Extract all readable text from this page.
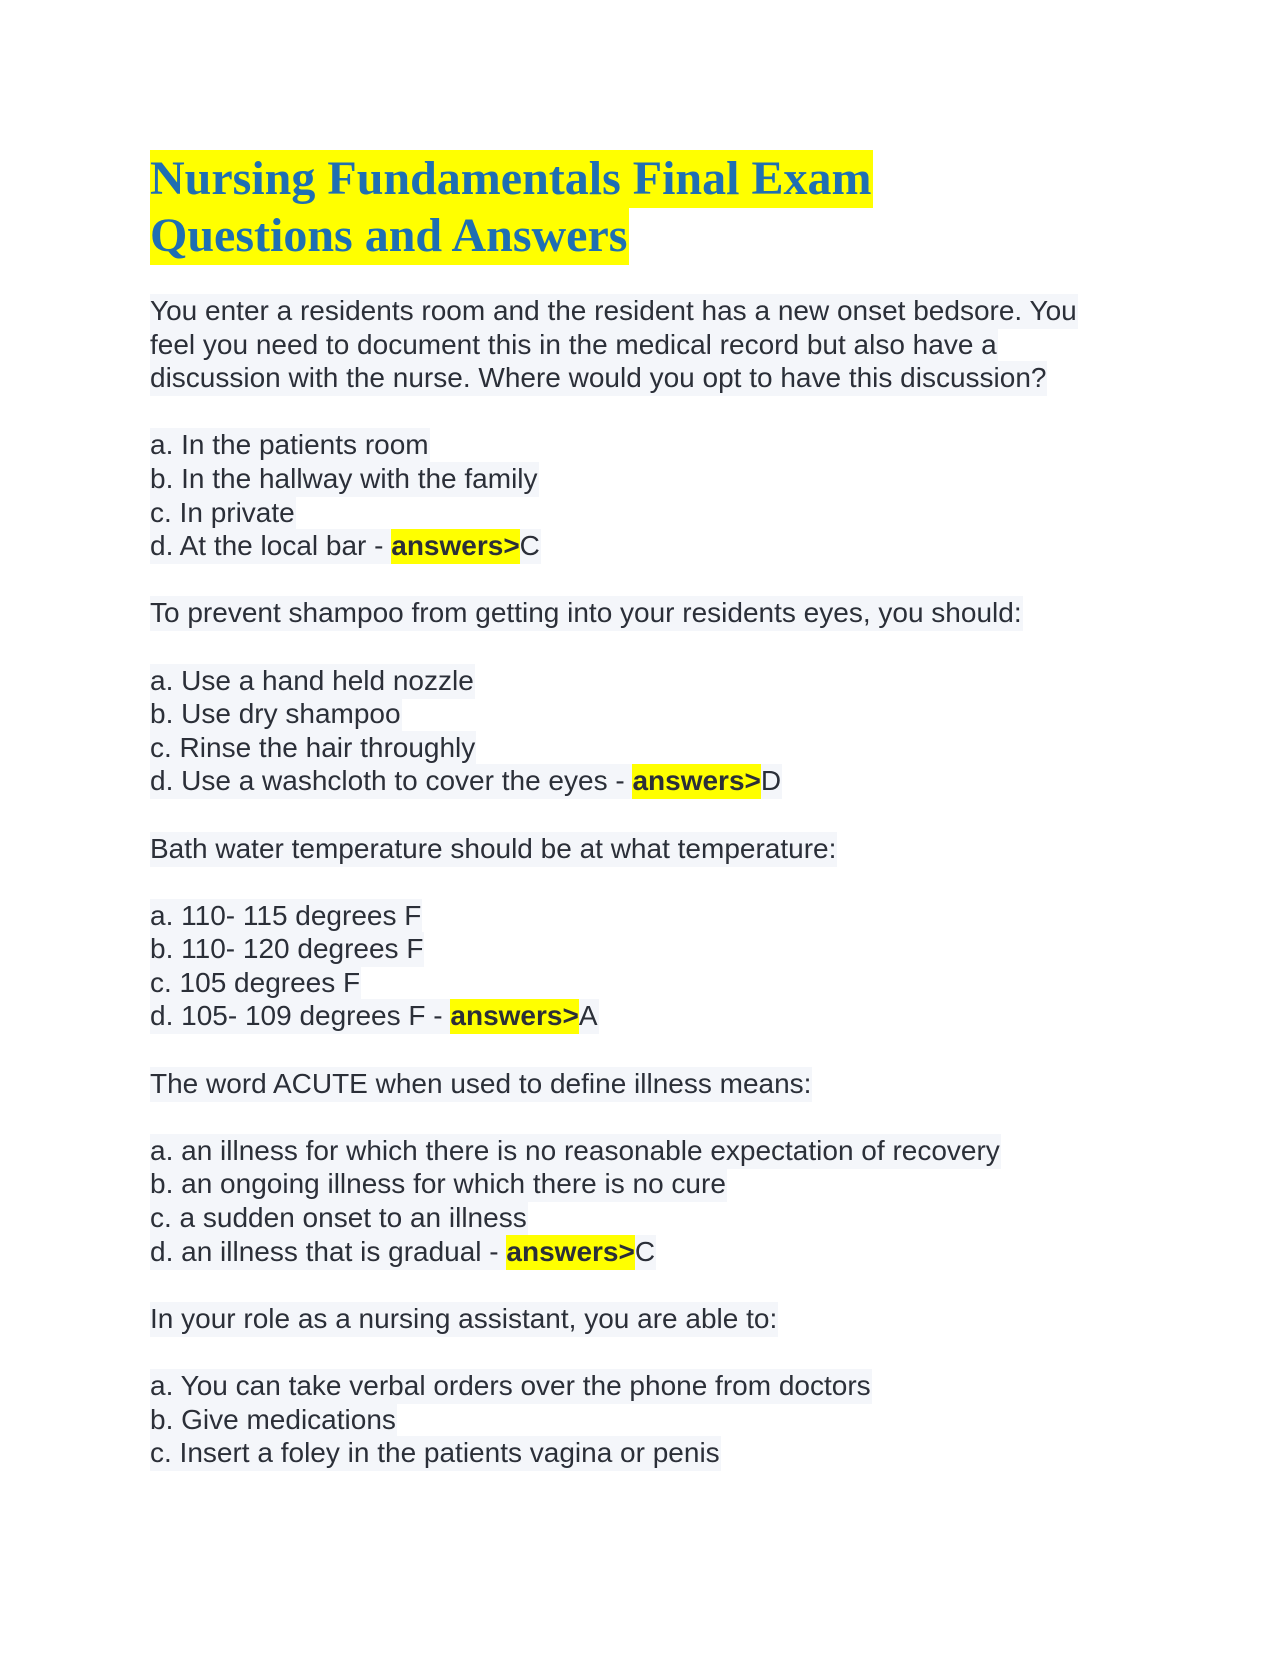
Nursing Fundamentals Final Exam
Questions and Answers

You enter a residents room and the resident has a new onset bedsore. You
feel you need to document this in the medical record but also have a
discussion with the nurse. Where would you opt to have this discussion?

a. In the patients room
b. In the hallway with the family
c. In private
d. At the local bar - answers>C

To prevent shampoo from getting into your residents eyes, you should:

a. Use a hand held nozzle
b. Use dry shampoo
c. Rinse the hair throughly
d. Use a washcloth to cover the eyes - answers>D

Bath water temperature should be at what temperature:

a. 110- 115 degrees F
b. 110- 120 degrees F
c. 105 degrees F
d. 105- 109 degrees F - answers>A

The word ACUTE when used to define illness means:

a. an illness for which there is no reasonable expectation of recovery
b. an ongoing illness for which there is no cure
c. a sudden onset to an illness
d. an illness that is gradual - answers>C

In your role as a nursing assistant, you are able to:

a. You can take verbal orders over the phone from doctors
b. Give medications
c. Insert a foley in the patients vagina or penis
